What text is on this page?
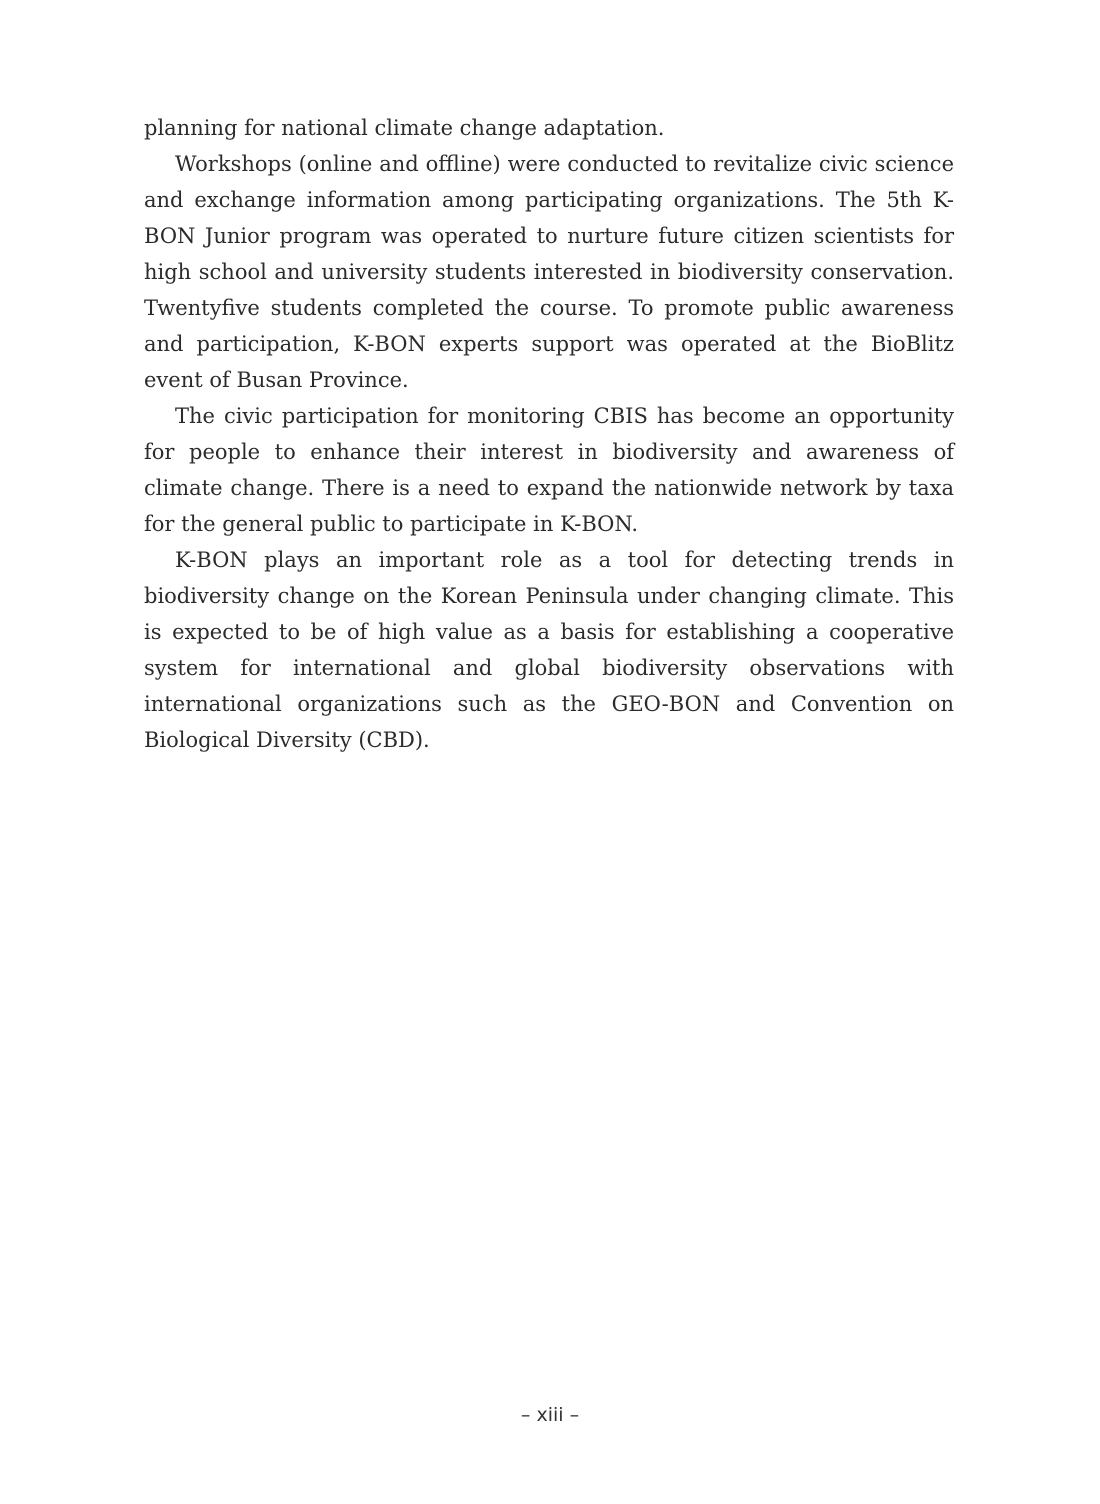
planning for national climate change adaptation.

Workshops (online and offline) were conducted to revitalize civic science and exchange information among participating organizations. The 5th K-BON Junior program was operated to nurture future citizen scientists for high school and university students interested in biodiversity conservation. Twentyfive students completed the course. To promote public awareness and participation, K-BON experts support was operated at the BioBlitz event of Busan Province.

The civic participation for monitoring CBIS has become an opportunity for people to enhance their interest in biodiversity and awareness of climate change. There is a need to expand the nationwide network by taxa for the general public to participate in K-BON.

K-BON plays an important role as a tool for detecting trends in biodiversity change on the Korean Peninsula under changing climate. This is expected to be of high value as a basis for establishing a cooperative system for international and global biodiversity observations with international organizations such as the GEO-BON and Convention on Biological Diversity (CBD).

– xiii –
